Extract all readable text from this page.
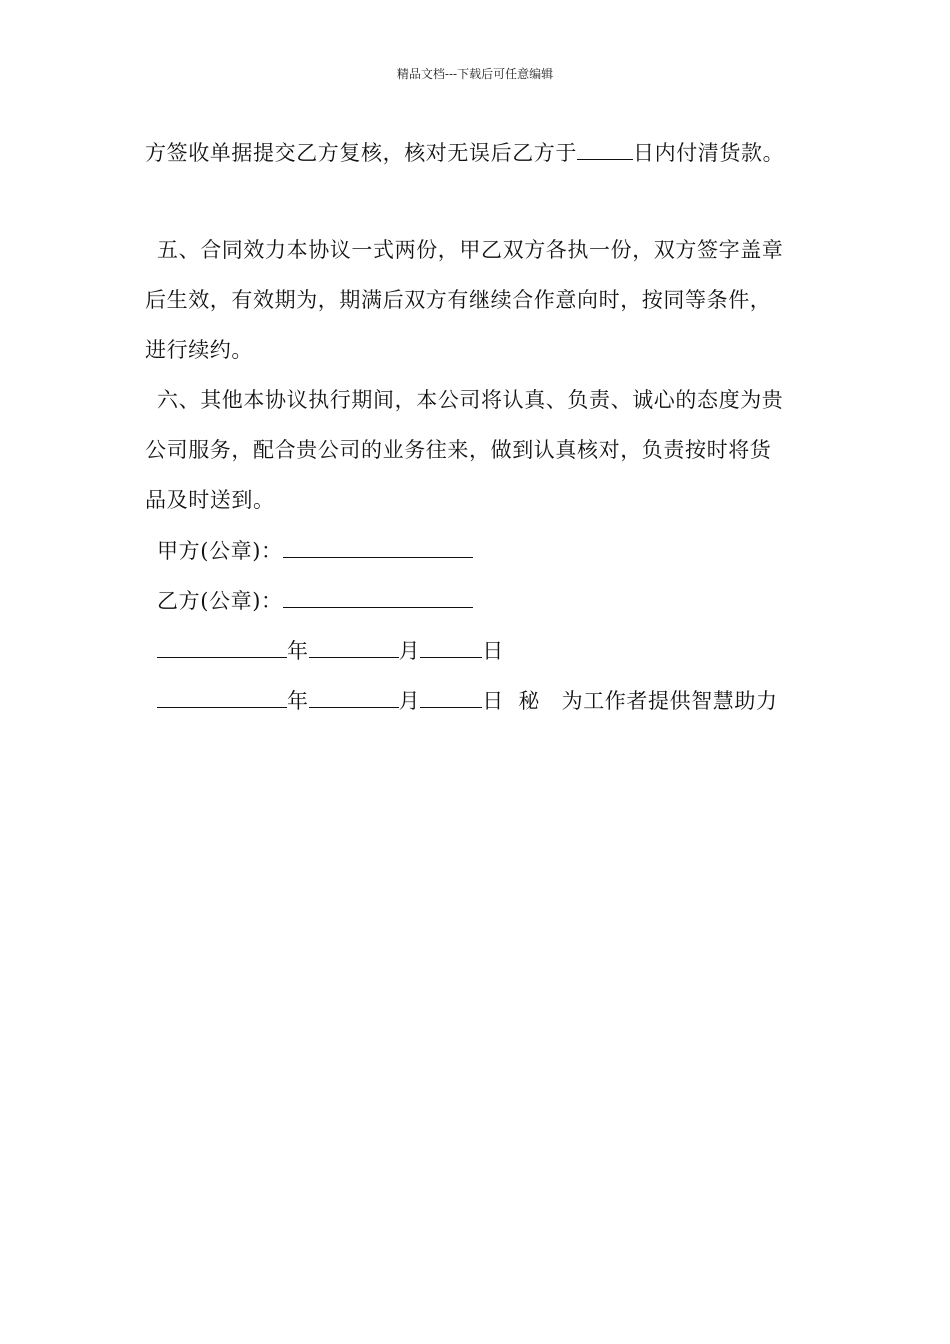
精品文档---下载后可任意编辑
方签收单据提交乙方复核，核对无误后乙方于	日内付清货款。
五、合同效力本协议一式两份，甲乙双方各执一份，双方签字盖章
后生效，有效期为，期满后双方有继续合作意向时，按同等条件，
进行续约。
六、其他本协议执行期间，本公司将认真、负责、诚心的态度为贵
公司服务，配合贵公司的业务往来，做到认真核对，负责按时将货
品及时送到。
甲方(公章)：
乙方(公章)：
年	月	日
年	月	日 秘　为工作者提供智慧助力
